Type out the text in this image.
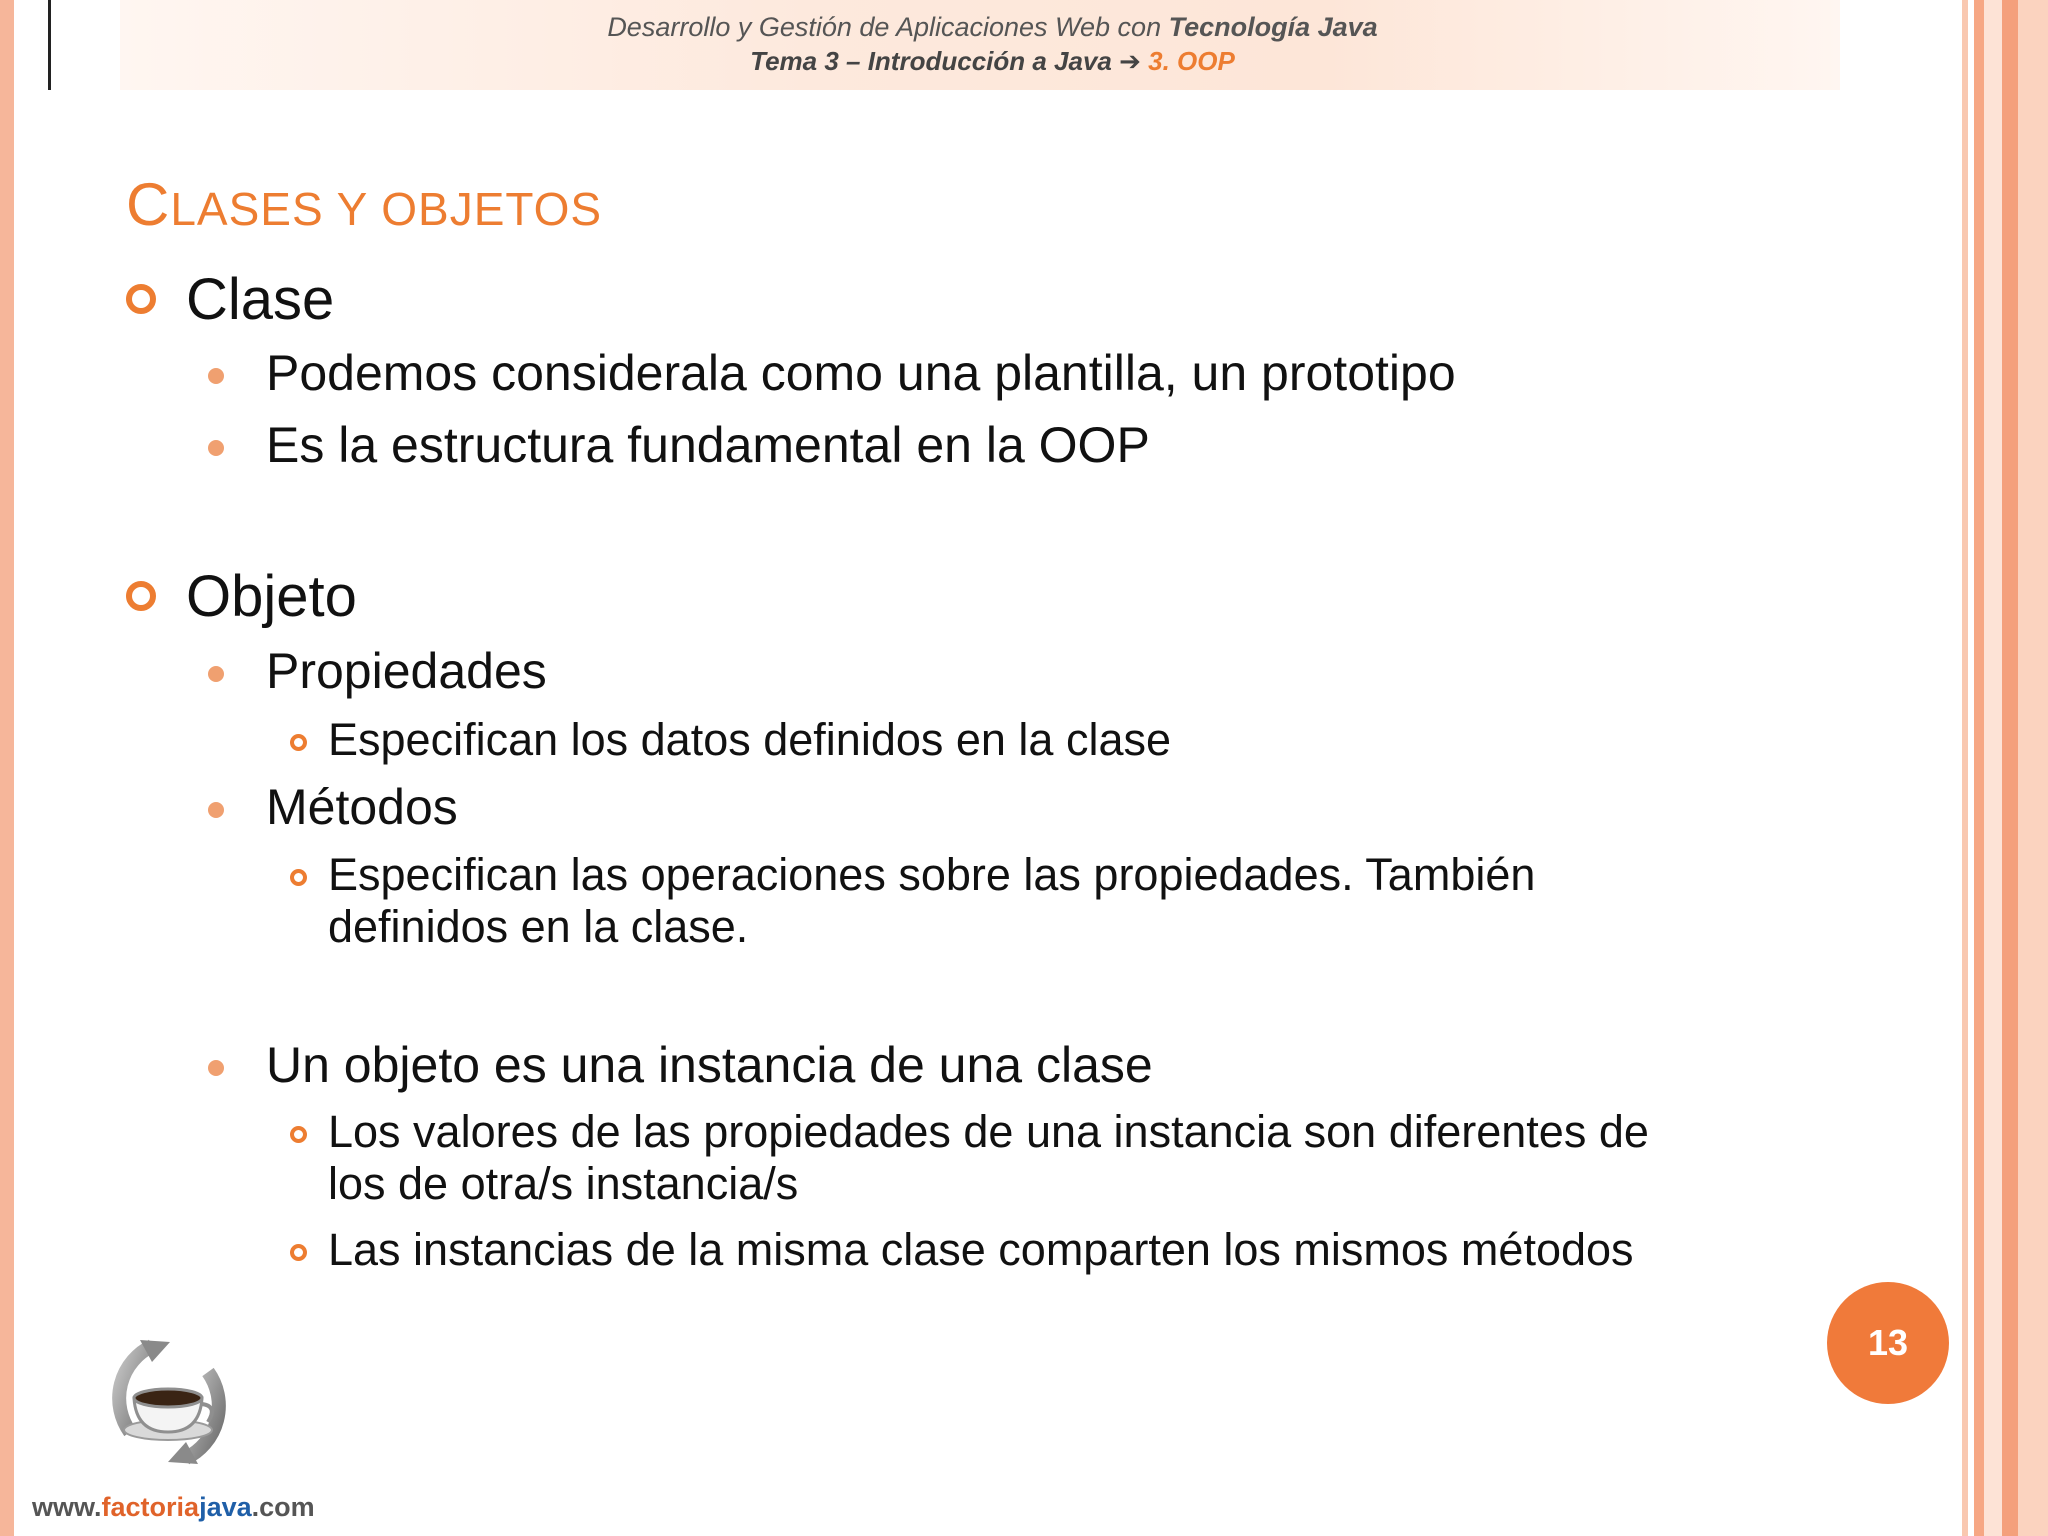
Desarrollo y Gestión de Aplicaciones Web con Tecnología Java
Tema 3 – Introducción a Java ➔ 3. OOP
CLASES Y OBJETOS
Clase
Podemos considerala como una plantilla, un prototipo
Es la estructura fundamental en la OOP
Objeto
Propiedades
Especifican los datos definidos en la clase
Métodos
Especifican las operaciones sobre las propiedades. También
definidos en la clase.
Un objeto es una instancia de una clase
Los valores de las propiedades de una instancia son diferentes de
los de otra/s instancia/s
Las instancias de la misma clase comparten los mismos métodos
13
www.factoriajava.com
